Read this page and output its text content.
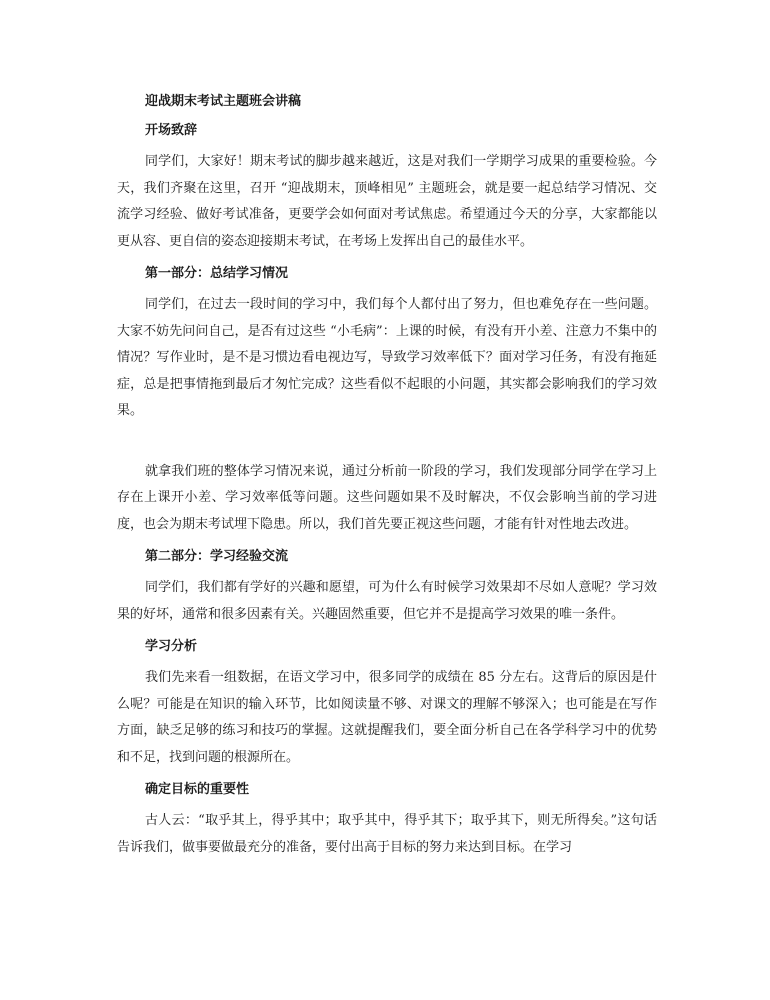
迎战期末考试主题班会讲稿
开场致辞

同学们，大家好！期末考试的脚步越来越近，这是对我们一学期学习成果的重要检验。今天，我们齐聚在这里，召开 “迎战期末，顶峰相见” 主题班会，就是要一起总结学习情况、交流学习经验、做好考试准备，更要学会如何面对考试焦虑。希望通过今天的分享，大家都能以更从容、更自信的姿态迎接期末考试，在考场上发挥出自己的最佳水平。

第一部分：总结学习情况

同学们，在过去一段时间的学习中，我们每个人都付出了努力，但也难免存在一些问题。大家不妨先问问自己，是否有过这些 “小毛病”：上课的时候，有没有开小差、注意力不集中的情况？写作业时，是不是习惯边看电视边写，导致学习效率低下？面对学习任务，有没有拖延症，总是把事情拖到最后才匆忙完成？这些看似不起眼的小问题，其实都会影响我们的学习效果。

就拿我们班的整体学习情况来说，通过分析前一阶段的学习，我们发现部分同学在学习上存在上课开小差、学习效率低等问题。这些问题如果不及时解决，不仅会影响当前的学习进度，也会为期末考试埋下隐患。所以，我们首先要正视这些问题，才能有针对性地去改进。

第二部分：学习经验交流

同学们，我们都有学好的兴趣和愿望，可为什么有时候学习效果却不尽如人意呢？学习效果的好坏，通常和很多因素有关。兴趣固然重要，但它并不是提高学习效果的唯一条件。

学习分析

我们先来看一组数据，在语文学习中，很多同学的成绩在 85 分左右。这背后的原因是什么呢？可能是在知识的输入环节，比如阅读量不够、对课文的理解不够深入；也可能是在写作方面，缺乏足够的练习和技巧的掌握。这就提醒我们，要全面分析自己在各学科学习中的优势和不足，找到问题的根源所在。

确定目标的重要性

古人云：“取乎其上，得乎其中；取乎其中，得乎其下；取乎其下，则无所得矣。”这句话告诉我们，做事要做最充分的准备，要付出高于目标的努力来达到目标。在学习
